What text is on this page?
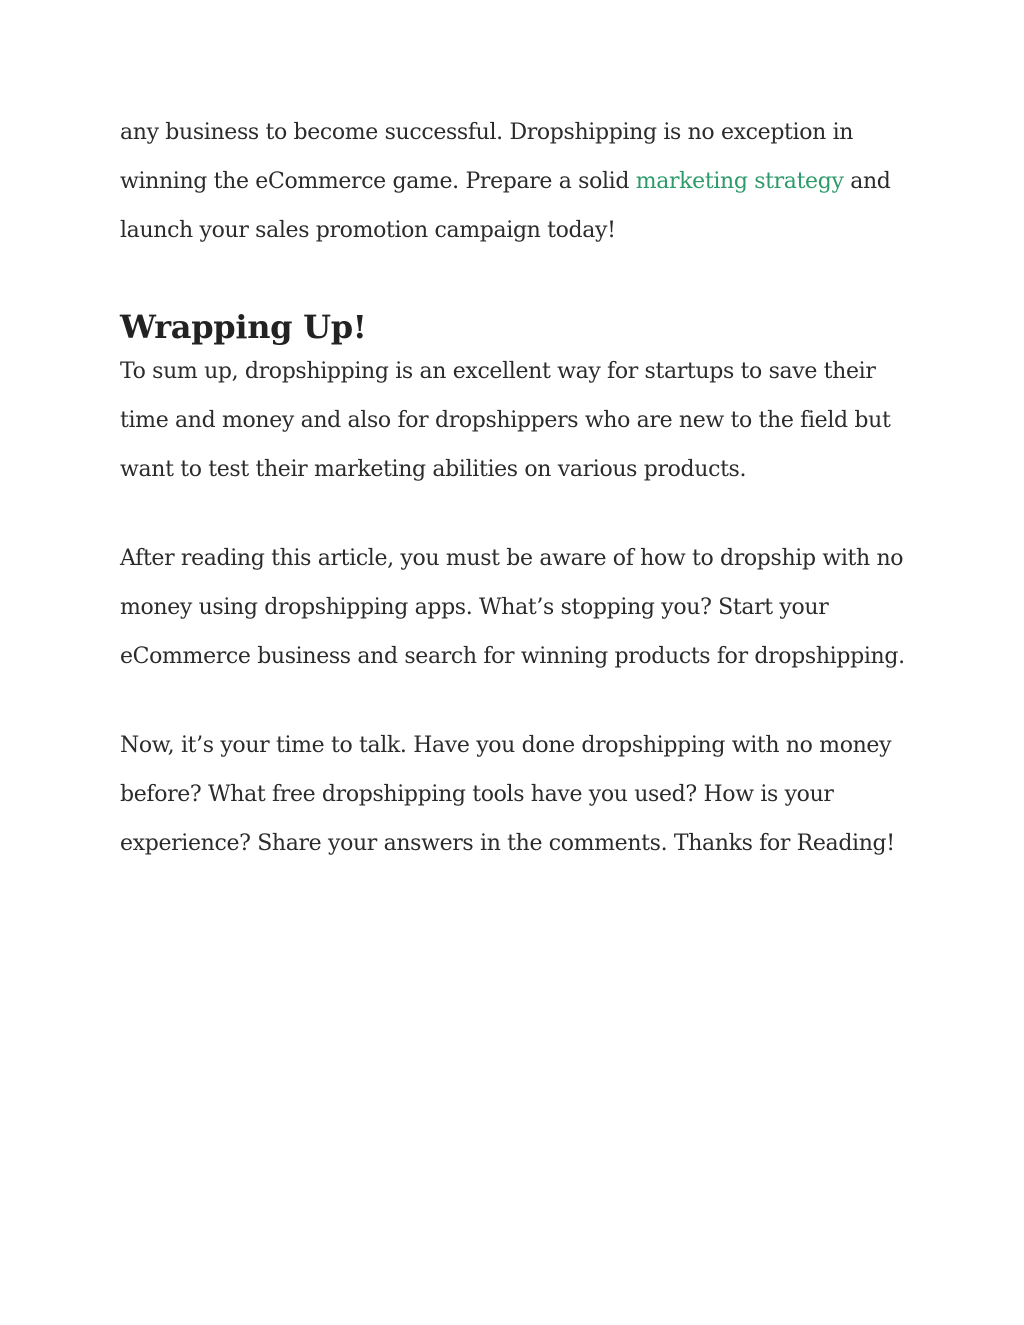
any business to become successful. Dropshipping is no exception in
winning the eCommerce game. Prepare a solid marketing strategy and
launch your sales promotion campaign today!

Wrapping Up!

To sum up, dropshipping is an excellent way for startups to save their
time and money and also for dropshippers who are new to the field but
want to test their marketing abilities on various products.

After reading this article, you must be aware of how to dropship with no
money using dropshipping apps. What’s stopping you? Start your
eCommerce business and search for winning products for dropshipping.

Now, it’s your time to talk. Have you done dropshipping with no money
before? What free dropshipping tools have you used? How is your
experience? Share your answers in the comments. Thanks for Reading!
